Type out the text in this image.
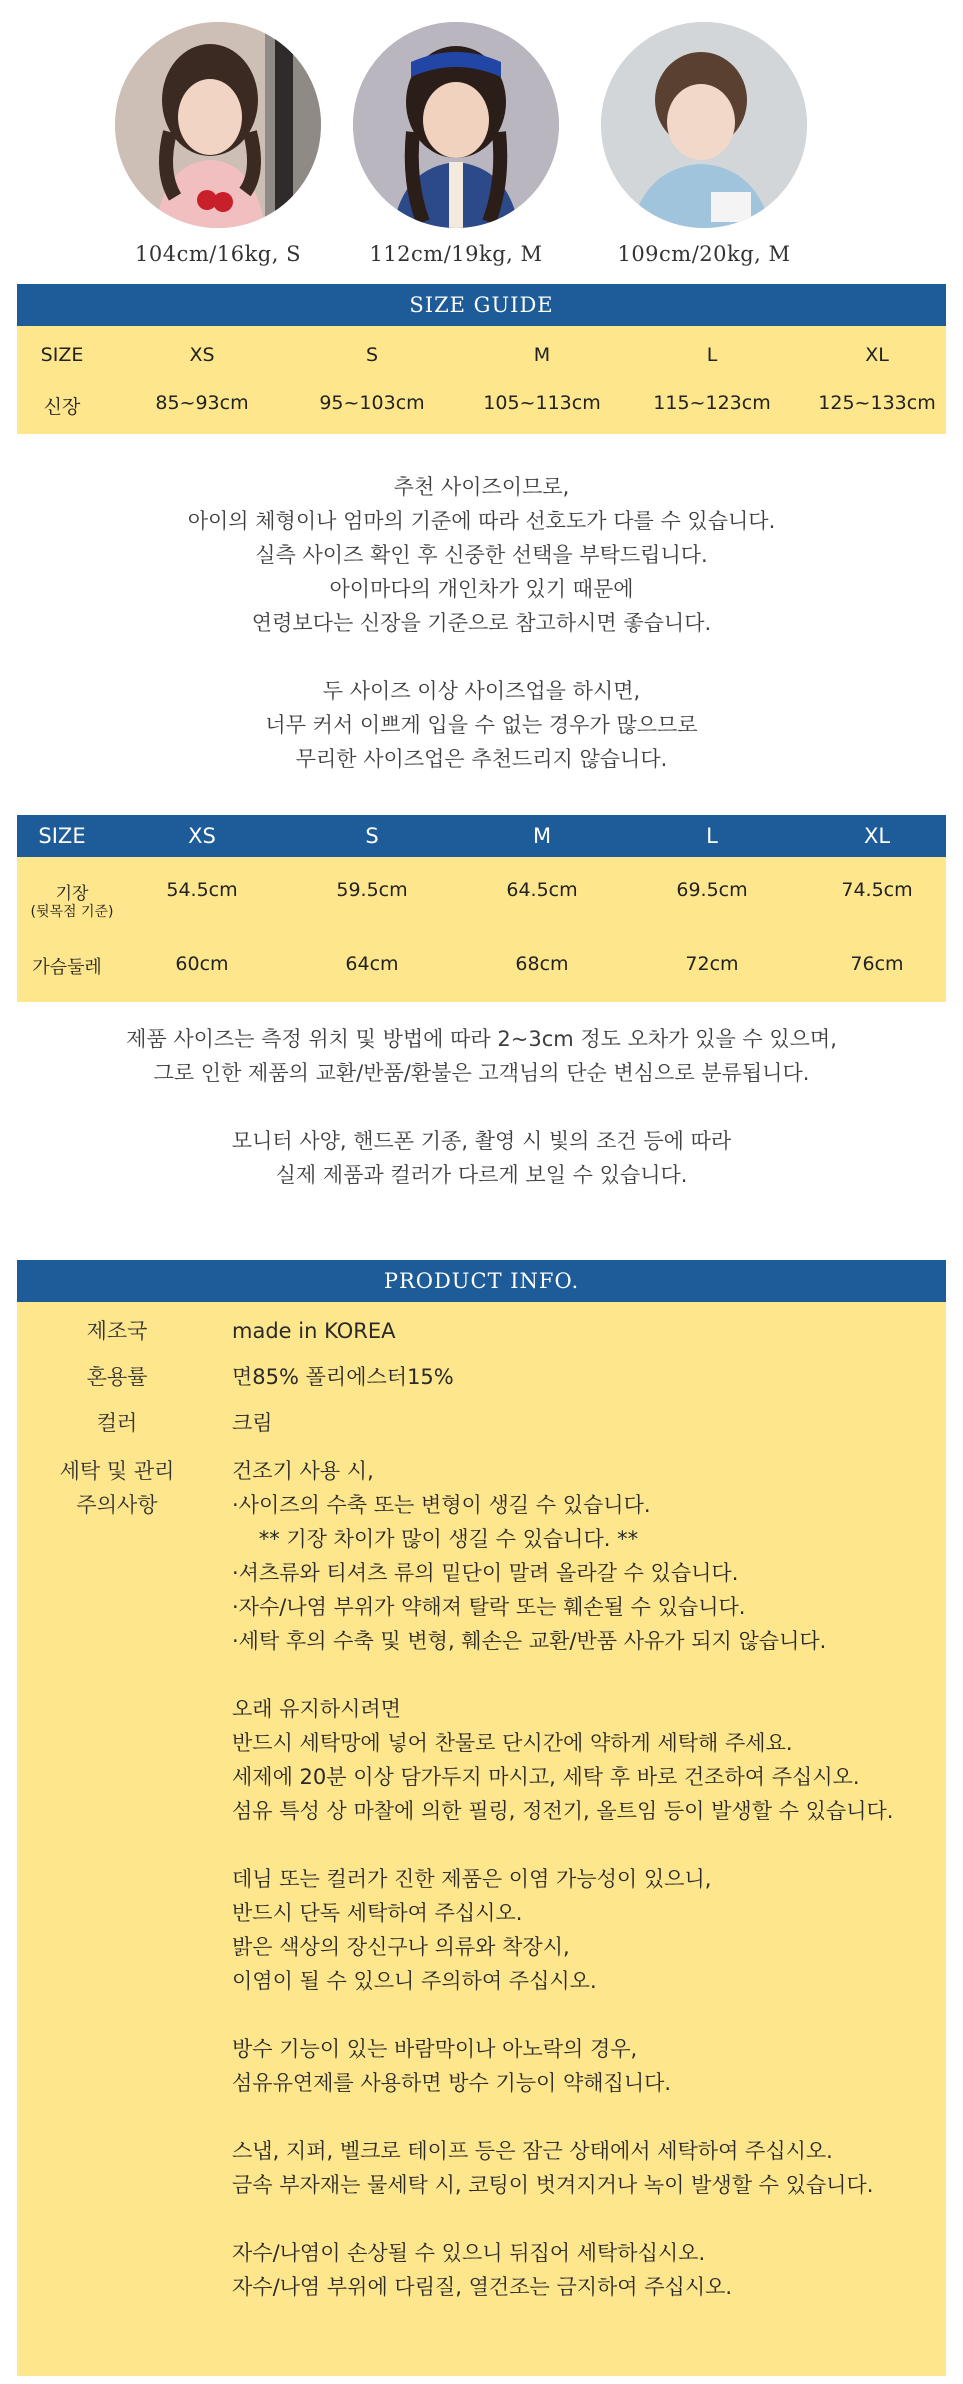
104cm/16kg, S	112cm/19kg, M	109cm/20kg, M
SIZE GUIDE
SIZE	XS	S	M	L	XL
신장	85~93cm	95~103cm	105~113cm	115~123cm	125~133cm
추천 사이즈이므로,
아이의 체형이나 엄마의 기준에 따라 선호도가 다를 수 있습니다.
실측 사이즈 확인 후 신중한 선택을 부탁드립니다.
아이마다의 개인차가 있기 때문에
연령보다는 신장을 기준으로 참고하시면 좋습니다.
두 사이즈 이상 사이즈업을 하시면,
너무 커서 이쁘게 입을 수 없는 경우가 많으므로
무리한 사이즈업은 추천드리지 않습니다.
SIZE	XS	S	M	L	XL
기장
(뒷목점 기준)
54.5cm	59.5cm	64.5cm	69.5cm	74.5cm
가슴둘레	60cm	64cm	68cm	72cm	76cm
제품 사이즈는 측정 위치 및 방법에 따라 2~3cm 정도 오차가 있을 수 있으며,
그로 인한 제품의 교환/반품/환불은 고객님의 단순 변심으로 분류됩니다.
모니터 사양, 핸드폰 기종, 촬영 시 빛의 조건 등에 따라
실제 제품과 컬러가 다르게 보일 수 있습니다.
PRODUCT INFO.
제조국	made in KOREA
혼용률	면85% 폴리에스터15%
컬러	크림
세탁 및 관리
주의사항
건조기 사용 시,
·사이즈의 수축 또는 변형이 생길 수 있습니다.
** 기장 차이가 많이 생길 수 있습니다. **
·셔츠류와 티셔츠 류의 밑단이 말려 올라갈 수 있습니다.
·자수/나염 부위가 약해져 탈락 또는 훼손될 수 있습니다.
·세탁 후의 수축 및 변형, 훼손은 교환/반품 사유가 되지 않습니다.
오래 유지하시려면
반드시 세탁망에 넣어 찬물로 단시간에 약하게 세탁해 주세요.
세제에 20분 이상 담가두지 마시고, 세탁 후 바로 건조하여 주십시오.
섬유 특성 상 마찰에 의한 필링, 정전기, 올트임 등이 발생할 수 있습니다.
데님 또는 컬러가 진한 제품은 이염 가능성이 있으니,
반드시 단독 세탁하여 주십시오.
밝은 색상의 장신구나 의류와 착장시,
이염이 될 수 있으니 주의하여 주십시오.
방수 기능이 있는 바람막이나 아노락의 경우,
섬유유연제를 사용하면 방수 기능이 약해집니다.
스냅, 지퍼, 벨크로 테이프 등은 잠근 상태에서 세탁하여 주십시오.
금속 부자재는 물세탁 시, 코팅이 벗겨지거나 녹이 발생할 수 있습니다.
자수/나염이 손상될 수 있으니 뒤집어 세탁하십시오.
자수/나염 부위에 다림질, 열건조는 금지하여 주십시오.
